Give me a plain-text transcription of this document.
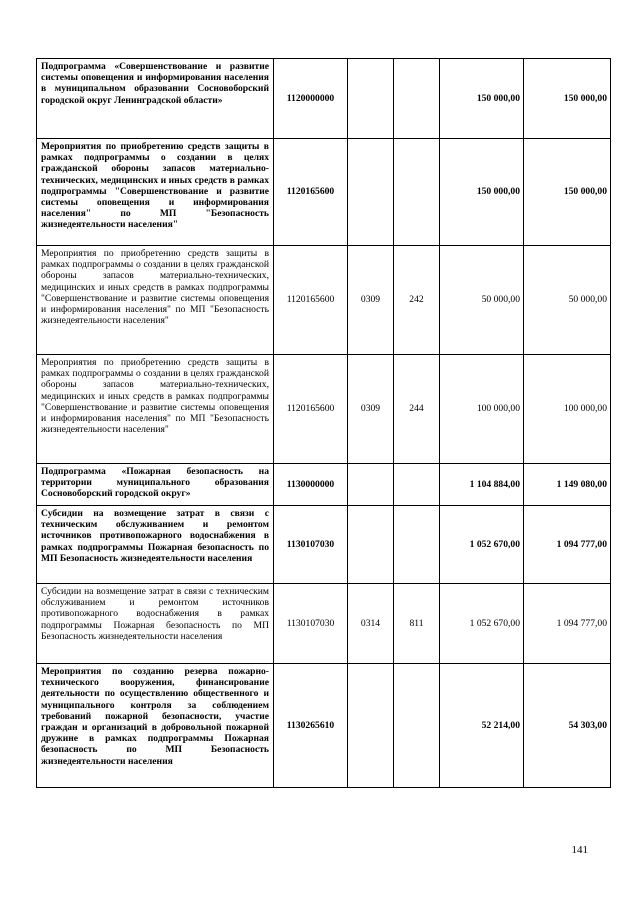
Подпрограмма «Совершенствование и развитие системы оповещения и информирования населения в муниципальном образовании Сосновоборский городской округ Ленинградской области»	1120000000			150 000,00	150 000,00
Мероприятия по приобретению средств защиты в рамках подпрограммы о создании в целях гражданской обороны запасов материально-технических, медицинских и иных средств в рамках подпрограммы "Совершенствование и развитие системы оповещения и информирования населения" по МП "Безопасность жизнедеятельности населения"	1120165600			150 000,00	150 000,00
Мероприятия по приобретению средств защиты в рамках подпрограммы о создании в целях гражданской обороны запасов материально-технических, медицинских и иных средств в рамках подпрограммы "Совершенствование и развитие системы оповещения и информирования населения" по МП "Безопасность жизнедеятельности населения"	1120165600	0309	242	50 000,00	50 000,00
Мероприятия по приобретению средств защиты в рамках подпрограммы о создании в целях гражданской обороны запасов материально-технических, медицинских и иных средств в рамках подпрограммы "Совершенствование и развитие системы оповещения и информирования населения" по МП "Безопасность жизнедеятельности населения"	1120165600	0309	244	100 000,00	100 000,00
Подпрограмма «Пожарная безопасность на территории муниципального образования Сосновоборский городской округ»	1130000000			1 104 884,00	1 149 080,00
Субсидии на возмещение затрат в связи с техническим обслуживанием и ремонтом источников противопожарного водоснабжения в рамках подпрограммы Пожарная безопасность по МП Безопасность жизнедеятельности населения	1130107030			1 052 670,00	1 094 777,00
Субсидии на возмещение затрат в связи с техническим обслуживанием и ремонтом источников противопожарного водоснабжения в рамках подпрограммы Пожарная безопасность по МП Безопасность жизнедеятельности населения	1130107030	0314	811	1 052 670,00	1 094 777,00
Мероприятия по созданию резерва пожарно-технического вооружения, финансирование деятельности по осуществлению общественного и муниципального контроля за соблюдением требований пожарной безопасности, участие граждан и организаций в добровольной пожарной дружине в рамках подпрограммы Пожарная безопасность по МП Безопасность жизнедеятельности населения	1130265610			52 214,00	54 303,00
141
